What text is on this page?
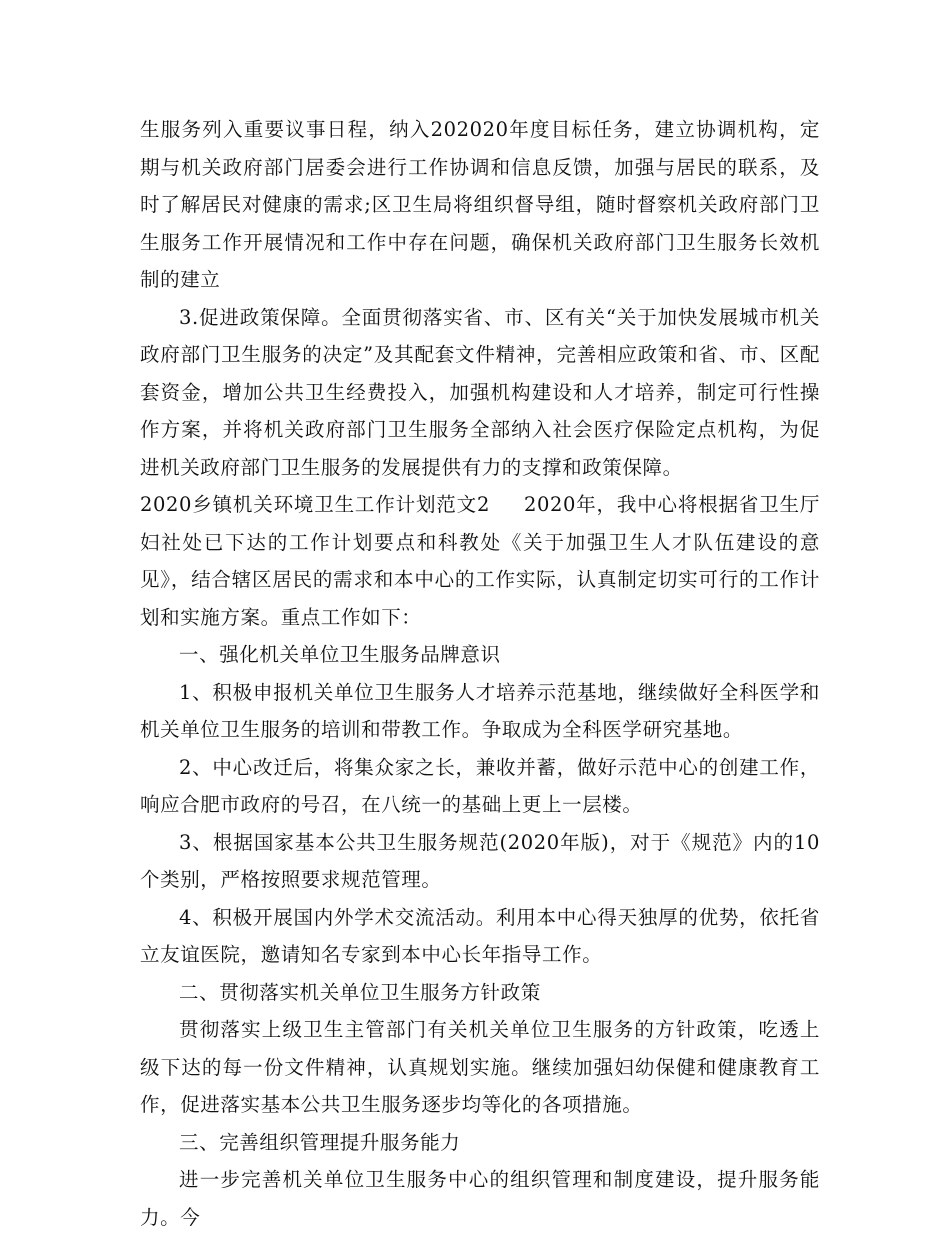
生服务列入重要议事日程，纳入202020年度目标任务，建立协调机构，定期与机关政府部门居委会进行工作协调和信息反馈，加强与居民的联系，及时了解居民对健康的需求;区卫生局将组织督导组，随时督察机关政府部门卫生服务工作开展情况和工作中存在问题，确保机关政府部门卫生服务长效机制的建立

3.促进政策保障。全面贯彻落实省、市、区有关“关于加快发展城市机关政府部门卫生服务的决定”及其配套文件精神，完善相应政策和省、市、区配套资金，增加公共卫生经费投入，加强机构建设和人才培养，制定可行性操作方案，并将机关政府部门卫生服务全部纳入社会医疗保险定点机构，为促进机关政府部门卫生服务的发展提供有力的支撑和政策保障。

2020乡镇机关环境卫生工作计划范文2 2020年，我中心将根据省卫生厅妇社处已下达的工作计划要点和科教处《关于加强卫生人才队伍建设的意见》，结合辖区居民的需求和本中心的工作实际，认真制定切实可行的工作计划和实施方案。重点工作如下：

一、强化机关单位卫生服务品牌意识

1、积极申报机关单位卫生服务人才培养示范基地，继续做好全科医学和机关单位卫生服务的培训和带教工作。争取成为全科医学研究基地。

2、中心改迁后，将集众家之长，兼收并蓄，做好示范中心的创建工作，响应合肥市政府的号召，在八统一的基础上更上一层楼。

3、根据国家基本公共卫生服务规范(2020年版)，对于《规范》内的10个类别，严格按照要求规范管理。

4、积极开展国内外学术交流活动。利用本中心得天独厚的优势，依托省立友谊医院，邀请知名专家到本中心长年指导工作。

二、贯彻落实机关单位卫生服务方针政策

贯彻落实上级卫生主管部门有关机关单位卫生服务的方针政策，吃透上级下达的每一份文件精神，认真规划实施。继续加强妇幼保健和健康教育工作，促进落实基本公共卫生服务逐步均等化的各项措施。

三、完善组织管理提升服务能力

进一步完善机关单位卫生服务中心的组织管理和制度建设，提升服务能力。今
